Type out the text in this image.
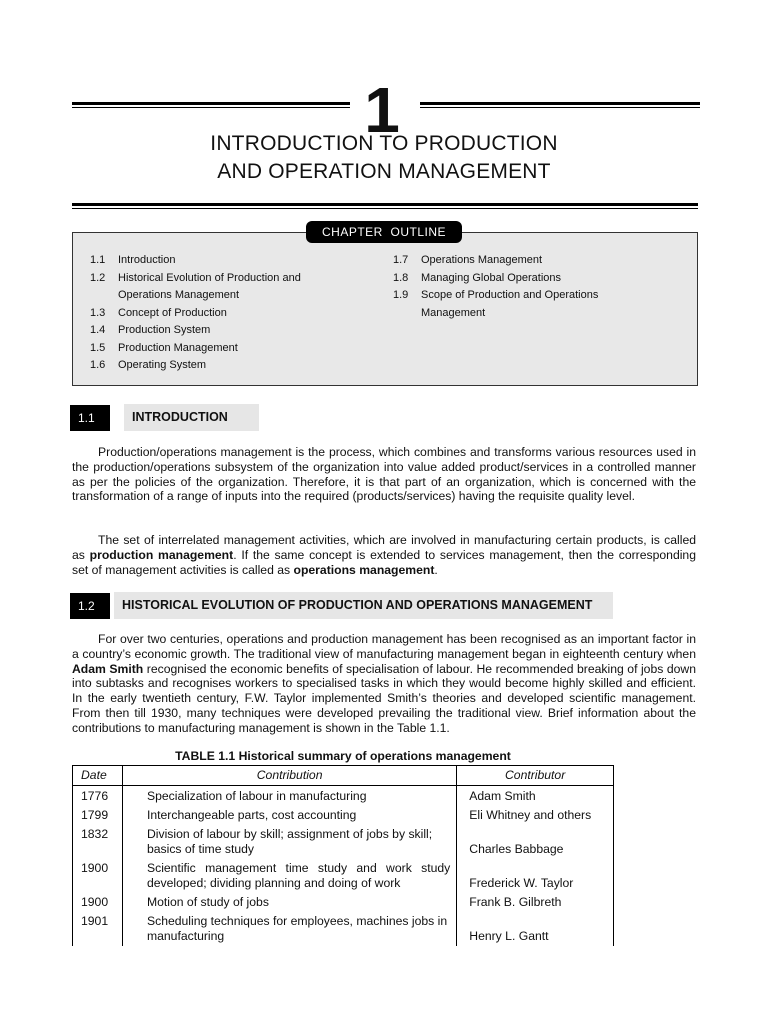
1
INTRODUCTION TO PRODUCTION
AND OPERATION MANAGEMENT
CHAPTER  OUTLINE
1.1	Introduction
1.2	Historical Evolution of Production and Operations Management
1.3	Concept of Production
1.4	Production System
1.5	Production Management
1.6	Operating System
1.7	Operations Management
1.8	Managing Global Operations
1.9	Scope of Production and Operations Management
1.1	INTRODUCTION
Production/operations management is the process, which combines and transforms various resources used in the production/operations subsystem of the organization into value added product/services in a controlled manner as per the policies of the organization. Therefore, it is that part of an organization, which is concerned with the transformation of a range of inputs into the required (products/services) having the requisite quality level.
The set of interrelated management activities, which are involved in manufacturing certain products, is called as production management. If the same concept is extended to services management, then the corresponding set of management activities is called as operations management.
1.2	HISTORICAL EVOLUTION OF PRODUCTION AND OPERATIONS MANAGEMENT
For over two centuries, operations and production management has been recognised as an important factor in a country’s economic growth. The traditional view of manufacturing management began in eighteenth century when Adam Smith recognised the economic benefits of specialisation of labour. He recommended breaking of jobs down into subtasks and recognises workers to specialised tasks in which they would become highly skilled and efficient. In the early twentieth century, F.W. Taylor implemented Smith’s theories and developed scientific management. From then till 1930, many techniques were developed prevailing the traditional view. Brief information about the contributions to manufacturing management is shown in the Table 1.1.
TABLE 1.1 Historical summary of operations management
Date	Contribution	Contributor
1776	Specialization of labour in manufacturing	Adam Smith
1799	Interchangeable parts, cost accounting	Eli Whitney and others
1832	Division of labour by skill; assignment of jobs by skill; basics of time study	Charles Babbage
1900	Scientific management time study and work study developed; dividing planning and doing of work	Frederick W. Taylor
1900	Motion of study of jobs	Frank B. Gilbreth
1901	Scheduling techniques for employees, machines jobs in manufacturing	Henry L. Gantt
